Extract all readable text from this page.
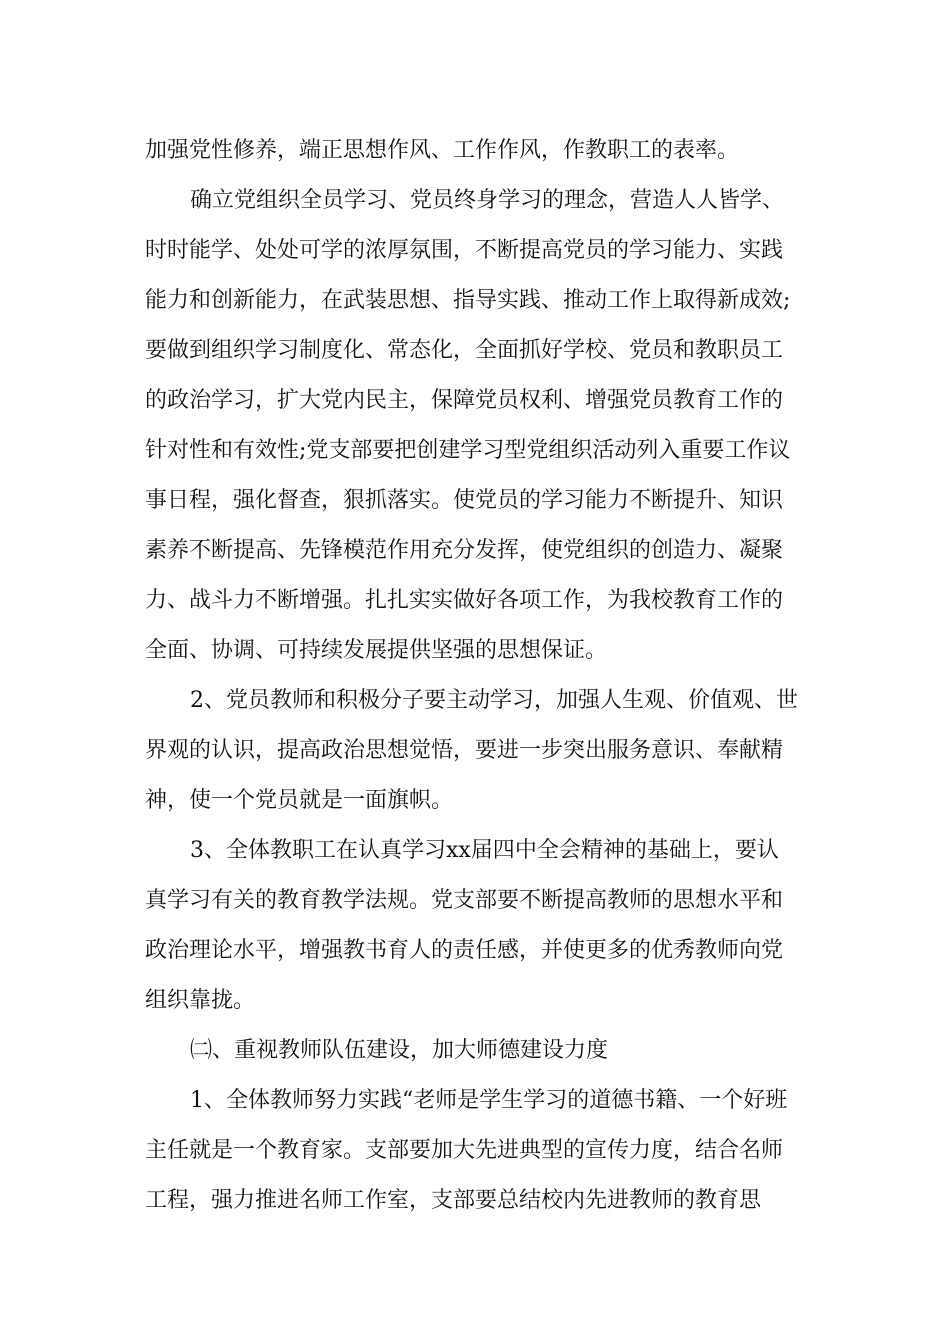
加强党性修养，端正思想作风、工作作风，作教职工的表率。
确立党组织全员学习、党员终身学习的理念，营造人人皆学、
时时能学、处处可学的浓厚氛围，不断提高党员的学习能力、实践
能力和创新能力，在武装思想、指导实践、推动工作上取得新成效;
要做到组织学习制度化、常态化，全面抓好学校、党员和教职员工
的政治学习，扩大党内民主，保障党员权利、增强党员教育工作的
针对性和有效性;党支部要把创建学习型党组织活动列入重要工作议
事日程，强化督查，狠抓落实。使党员的学习能力不断提升、知识
素养不断提高、先锋模范作用充分发挥，使党组织的创造力、凝聚
力、战斗力不断增强。扎扎实实做好各项工作，为我校教育工作的
全面、协调、可持续发展提供坚强的思想保证。
2、党员教师和积极分子要主动学习，加强人生观、价值观、世
界观的认识，提高政治思想觉悟，要进一步突出服务意识、奉献精
神，使一个党员就是一面旗帜。
3、全体教职工在认真学习xx届四中全会精神的基础上，要认
真学习有关的教育教学法规。党支部要不断提高教师的思想水平和
政治理论水平，增强教书育人的责任感，并使更多的优秀教师向党
组织靠拢。
㈡、重视教师队伍建设，加大师德建设力度
1、全体教师努力实践“老师是学生学习的道德书籍、一个好班
主任就是一个教育家。支部要加大先进典型的宣传力度，结合名师
工程，强力推进名师工作室，支部要总结校内先进教师的教育思
